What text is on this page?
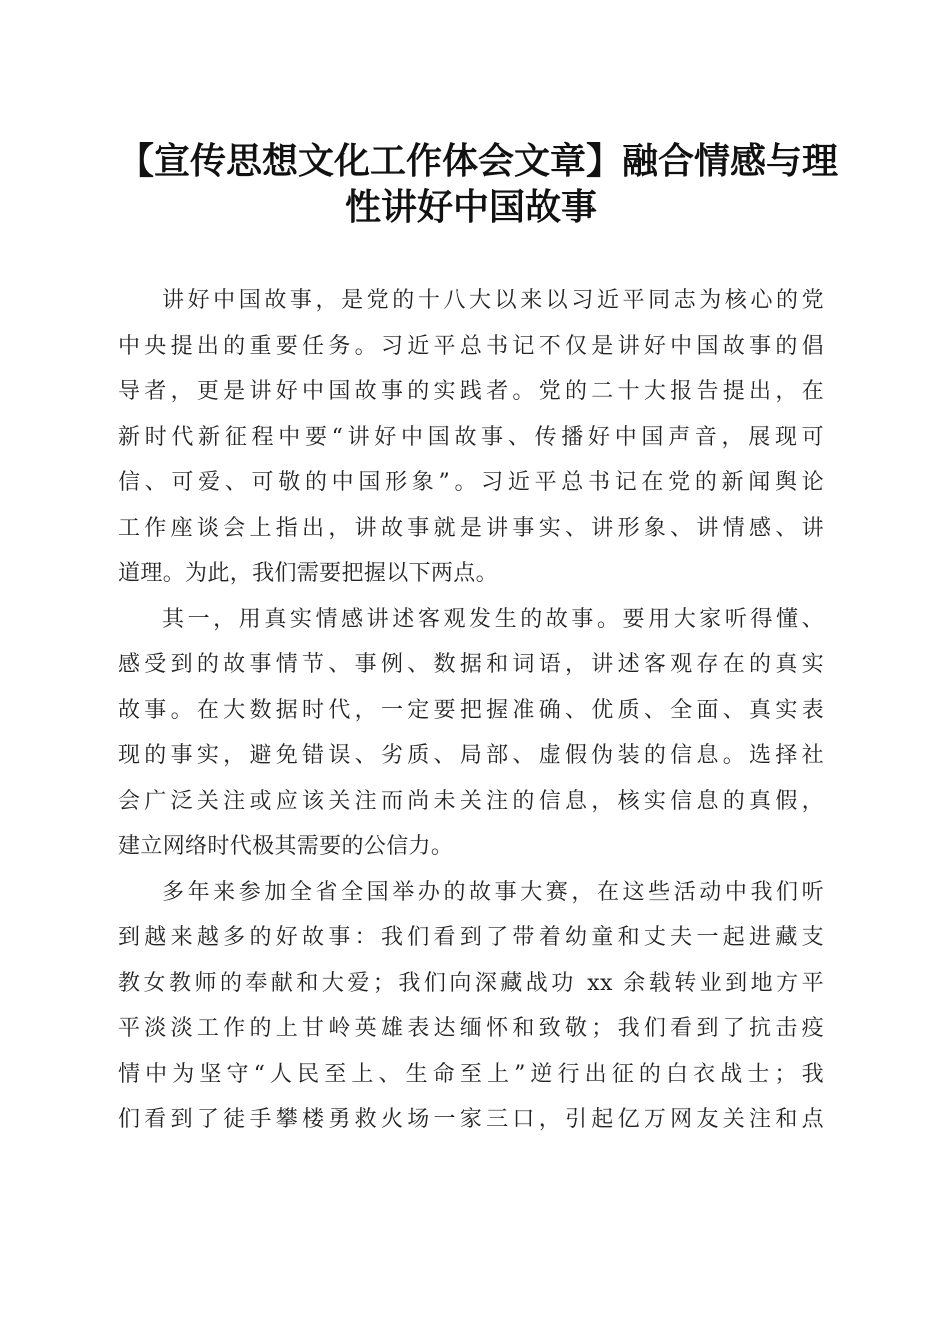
【宣传思想文化工作体会文章】融合情感与理
性讲好中国故事

讲好中国故事，是党的十八大以来以习近平同志为核心的党
中央提出的重要任务。习近平总书记不仅是讲好中国故事的倡
导者，更是讲好中国故事的实践者。党的二十大报告提出，在
新时代新征程中要“讲好中国故事、传播好中国声音，展现可
信、可爱、可敬的中国形象”。习近平总书记在党的新闻舆论
工作座谈会上指出，讲故事就是讲事实、讲形象、讲情感、讲
道理。为此，我们需要把握以下两点。

其一，用真实情感讲述客观发生的故事。要用大家听得懂、
感受到的故事情节、事例、数据和词语，讲述客观存在的真实
故事。在大数据时代，一定要把握准确、优质、全面、真实表
现的事实，避免错误、劣质、局部、虚假伪装的信息。选择社
会广泛关注或应该关注而尚未关注的信息，核实信息的真假，
建立网络时代极其需要的公信力。

多年来参加全省全国举办的故事大赛，在这些活动中我们听
到越来越多的好故事：我们看到了带着幼童和丈夫一起进藏支
教女教师的奉献和大爱；我们向深藏战功 xx 余载转业到地方平
平淡淡工作的上甘岭英雄表达缅怀和致敬；我们看到了抗击疫
情中为坚守“人民至上、生命至上”逆行出征的白衣战士；我
们看到了徒手攀楼勇救火场一家三口，引起亿万网友关注和点
